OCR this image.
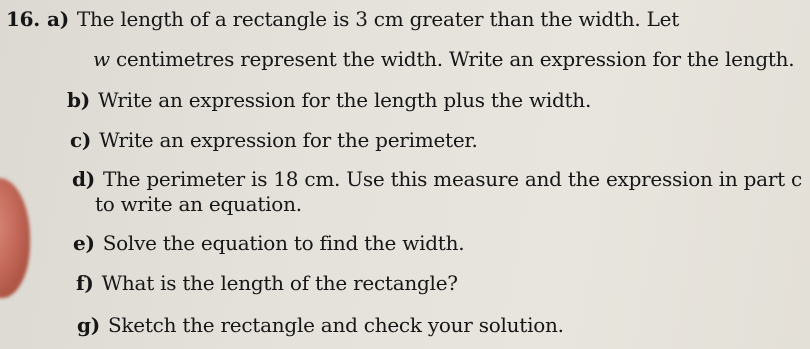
16. a) The length of a rectangle is 3 cm greater than the width. Let
w centimetres represent the width. Write an expression for the length.
b) Write an expression for the length plus the width.
c) Write an expression for the perimeter.
d) The perimeter is 18 cm. Use this measure and the expression in part c
to write an equation.
e) Solve the equation to find the width.
f) What is the length of the rectangle?
g) Sketch the rectangle and check your solution.
